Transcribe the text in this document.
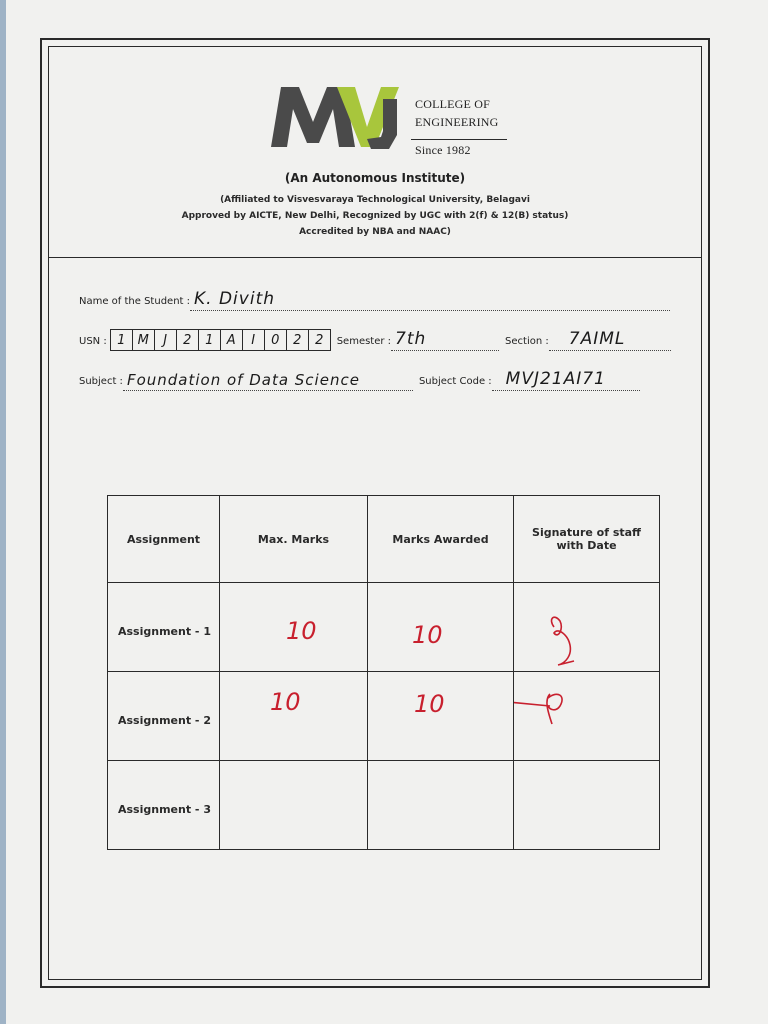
COLLEGE OF
ENGINEERING
Since 1982
(An Autonomous Institute)
(Affiliated to Visvesvaraya Technological University, Belagavi
Approved by AICTE, New Delhi, Recognized by UGC with 2(f) & 12(B) status)
Accredited by NBA and NAAC)
Name of the Student : K. Divith
USN : 1 M	J	2	1	A	I	0	2	2	Semester : 7th	Section :	7AIML
Subject : Foundation of Data Science	Subject Code : MVJ21AI71
Assignment	Max. Marks	Marks Awarded	Signature of staff with Date

Assignment - 1	10	10

Assignment - 2	10	10

Assignment - 3			
